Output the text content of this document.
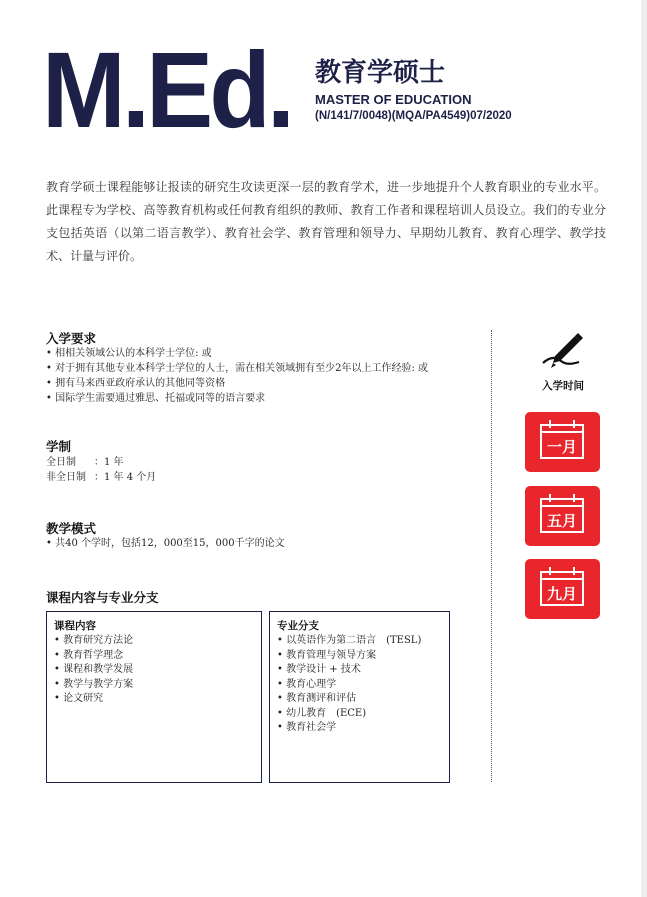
M.Ed. 教育学硕士
MASTER OF EDUCATION
(N/141/7/0048)(MQA/PA4549)07/2020
教育学硕士课程能够让报读的研究生攻读更深一层的教育学术，进一步地提升个人教育职业的专业水平。此课程专为学校、高等教育机构或任何教育组织的教师、教育工作者和课程培训人员设立。我们的专业分支包括英语（以第二语言教学）、教育社会学、教育管理和领导力、早期幼儿教育、教育心理学、教学技术、计量与评价。
入学要求
• 相相关领域公认的本科学士学位: 或
• 对于拥有其他专业本科学士学位的人士，需在相关领域拥有至少2年以上工作经验: 或
• 拥有马来西亚政府承认的其他同等资格
• 国际学生需要通过雅思、托福或同等的语言要求
学制
全日制 ：1 年
非全日制 ：1 年 4 个月
教学模式
• 共40 个学时，包括12，000至15，000千字的论文
课程内容与专业分支
课程内容
• 教育研究方法论
• 教育哲学理念
• 课程和教学发展
• 教学与教学方案
• 论文研究
专业分支
• 以英语作为第二语言　(TESL)
• 教育管理与领导方案
• 教学设计 + 技术
• 教育心理学
• 教育测评和评估
• 幼儿教育　(ECE)
• 教育社会学
入学时间
一月
五月
九月
